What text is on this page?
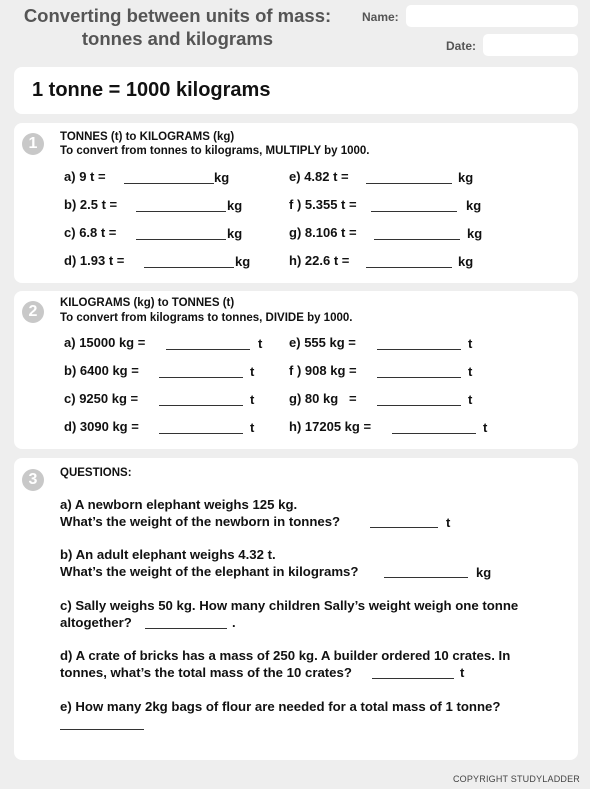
Converting between units of mass:
tonnes and kilograms
Name:
Date:
1 tonne = 1000 kilograms
1	TONNES (t) to KILOGRAMS (kg)
To convert from tonnes to kilograms, MULTIPLY by 1000.
a) 9 t =	kg
b) 2.5 t =	kg
c) 6.8 t =	kg
d) 1.93 t =	kg
e) 4.82 t =	kg
f ) 5.355 t =	kg
g) 8.106 t =	kg
h) 22.6 t =	kg
2	KILOGRAMS (kg) to TONNES (t)
To convert from kilograms to tonnes, DIVIDE by 1000.
a) 15000 kg =	t
b) 6400 kg =	t
c) 9250 kg =	t
d) 3090 kg =	t
e) 555 kg =	t
f ) 908 kg =	t
g) 80 kg   =	t
h) 17205 kg =	t
3	QUESTIONS:
a) A newborn elephant weighs 125 kg.
What’s the weight of the newborn in tonnes?	t
b) An adult elephant weighs 4.32 t.
What’s the weight of the elephant in kilograms?	kg
c) Sally weighs 50 kg. How many children Sally’s weight weigh one tonne
altogether?	.
d) A crate of bricks has a mass of 250 kg. A builder ordered 10 crates. In
tonnes, what’s the total mass of the 10 crates?	t
e) How many 2kg bags of flour are needed for a total mass of 1 tonne?
COPYRIGHT STUDYLADDER
